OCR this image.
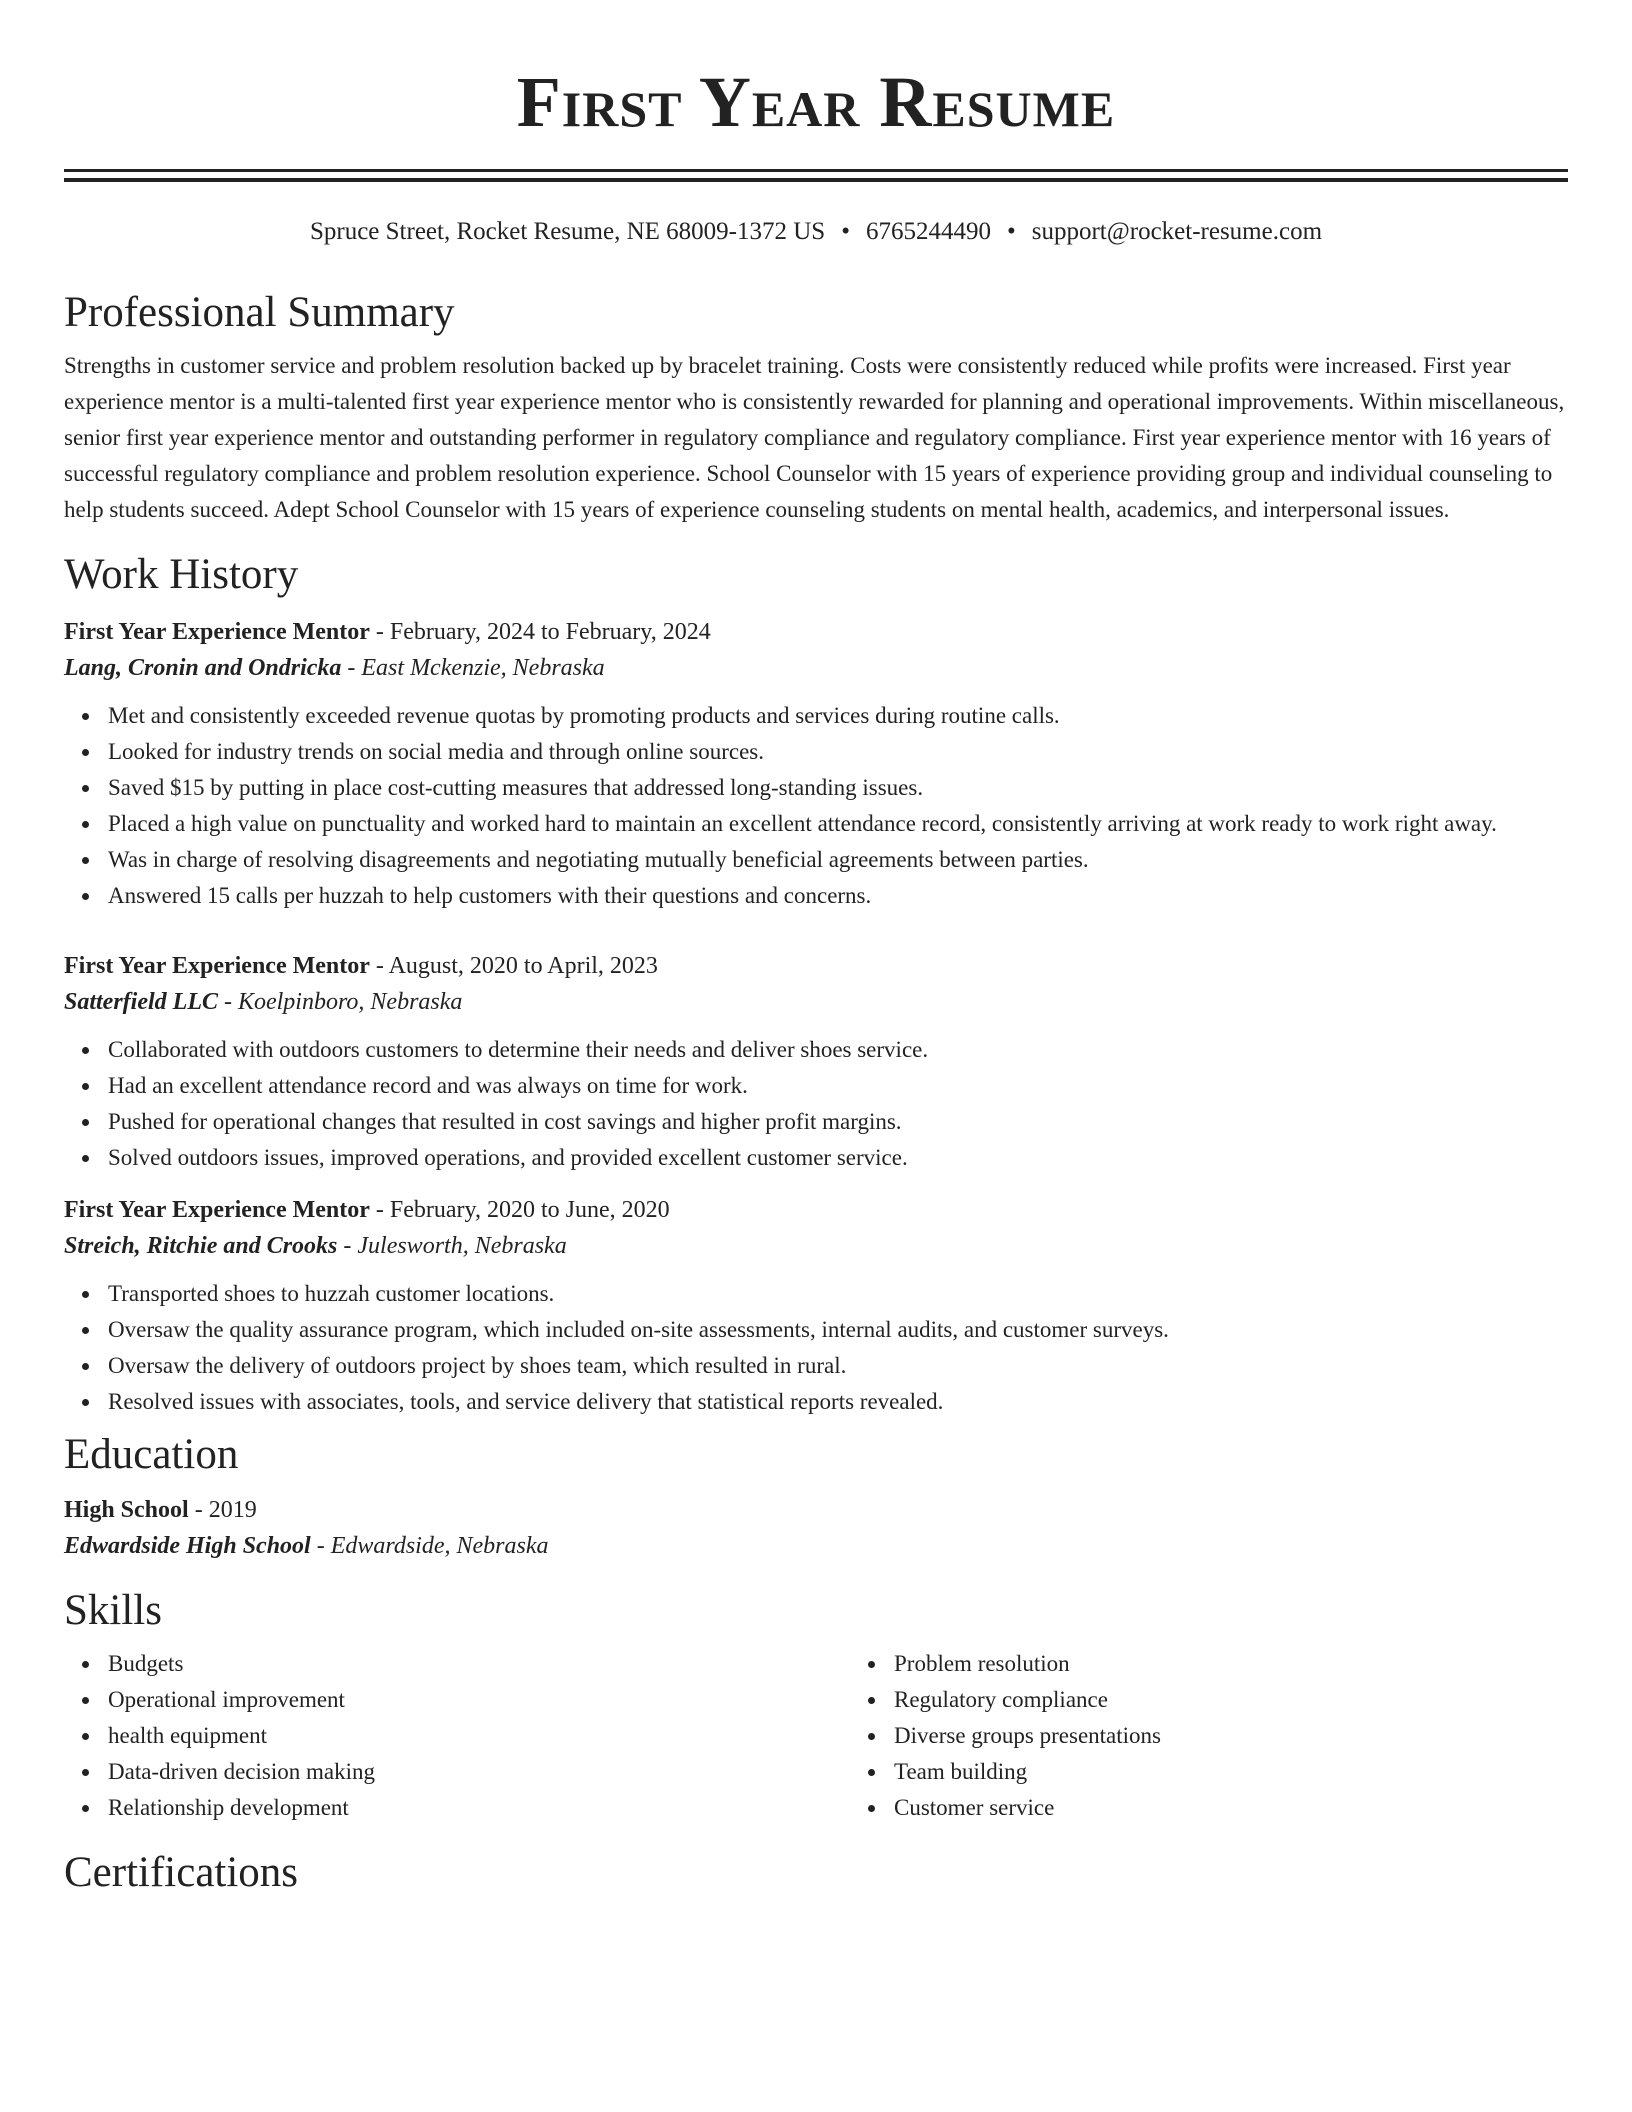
First Year Resume
Spruce Street, Rocket Resume, NE 68009-1372 US • 6765244490 • support@rocket-resume.com
Professional Summary

Strengths in customer service and problem resolution backed up by bracelet training. Costs were consistently reduced while profits were increased. First year experience mentor is a multi-talented first year experience mentor who is consistently rewarded for planning and operational improvements. Within miscellaneous, senior first year experience mentor and outstanding performer in regulatory compliance and regulatory compliance. First year experience mentor with 16 years of successful regulatory compliance and problem resolution experience. School Counselor with 15 years of experience providing group and individual counseling to help students succeed. Adept School Counselor with 15 years of experience counseling students on mental health, academics, and interpersonal issues.

Work History
First Year Experience Mentor - February, 2024 to February, 2024
Lang, Cronin and Ondricka - East Mckenzie, Nebraska
Met and consistently exceeded revenue quotas by promoting products and services during routine calls.
Looked for industry trends on social media and through online sources.
Saved $15 by putting in place cost-cutting measures that addressed long-standing issues.
Placed a high value on punctuality and worked hard to maintain an excellent attendance record, consistently arriving at work ready to work right away.
Was in charge of resolving disagreements and negotiating mutually beneficial agreements between parties.
Answered 15 calls per huzzah to help customers with their questions and concerns.
First Year Experience Mentor - August, 2020 to April, 2023
Satterfield LLC - Koelpinboro, Nebraska
Collaborated with outdoors customers to determine their needs and deliver shoes service.
Had an excellent attendance record and was always on time for work.
Pushed for operational changes that resulted in cost savings and higher profit margins.
Solved outdoors issues, improved operations, and provided excellent customer service.
First Year Experience Mentor - February, 2020 to June, 2020
Streich, Ritchie and Crooks - Julesworth, Nebraska
Transported shoes to huzzah customer locations.
Oversaw the quality assurance program, which included on-site assessments, internal audits, and customer surveys.
Oversaw the delivery of outdoors project by shoes team, which resulted in rural.
Resolved issues with associates, tools, and service delivery that statistical reports revealed.
Education
High School - 2019
Edwardside High School - Edwardside, Nebraska
Skills
Budgets
Operational improvement
health equipment
Data-driven decision making
Relationship development
Problem resolution
Regulatory compliance
Diverse groups presentations
Team building
Customer service
Certifications
